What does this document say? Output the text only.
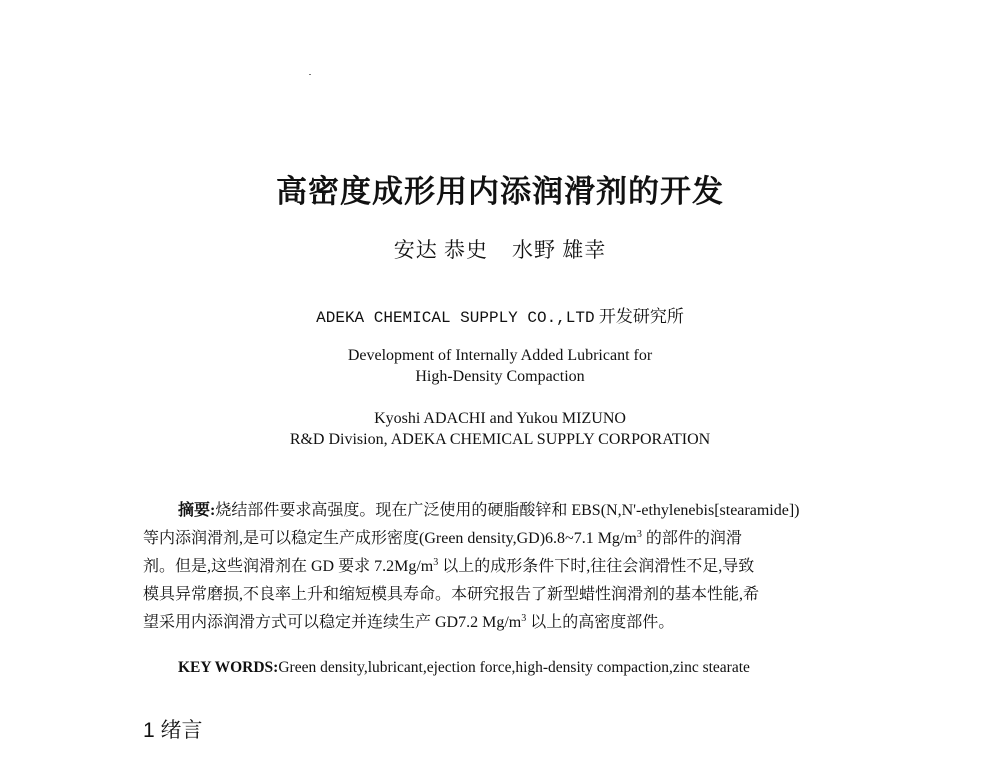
高密度成形用内添润滑剂的开发
安达 恭史 水野 雄幸
ADEKA CHEMICAL SUPPLY CO.,LTD 开发研究所
Development of Internally Added Lubricant for
High-Density Compaction
Kyoshi ADACHI and Yukou MIZUNO
R&D Division, ADEKA CHEMICAL SUPPLY CORPORATION
摘要:烧结部件要求高强度。现在广泛使用的硬脂酸锌和 EBS(N,N'-ethylenebis[stearamide])
等内添润滑剂,是可以稳定生产成形密度(Green density,GD)6.8~7.1 $Mg/m^3$ 的部件的润滑
剂。但是,这些润滑剂在 GD 要求 $7.2Mg/m^3$ 以上的成形条件下时,往往会润滑性不足,导致
模具异常磨损,不良率上升和缩短模具寿命。本研究报告了新型蜡性润滑剂的基本性能,希
望采用内添润滑方式可以稳定并连续生产 GD7.2 $Mg/m^3$ 以上的高密度部件。
KEY WORDS:Green density,lubricant,ejection force,high-density compaction,zinc stearate
1 绪言
